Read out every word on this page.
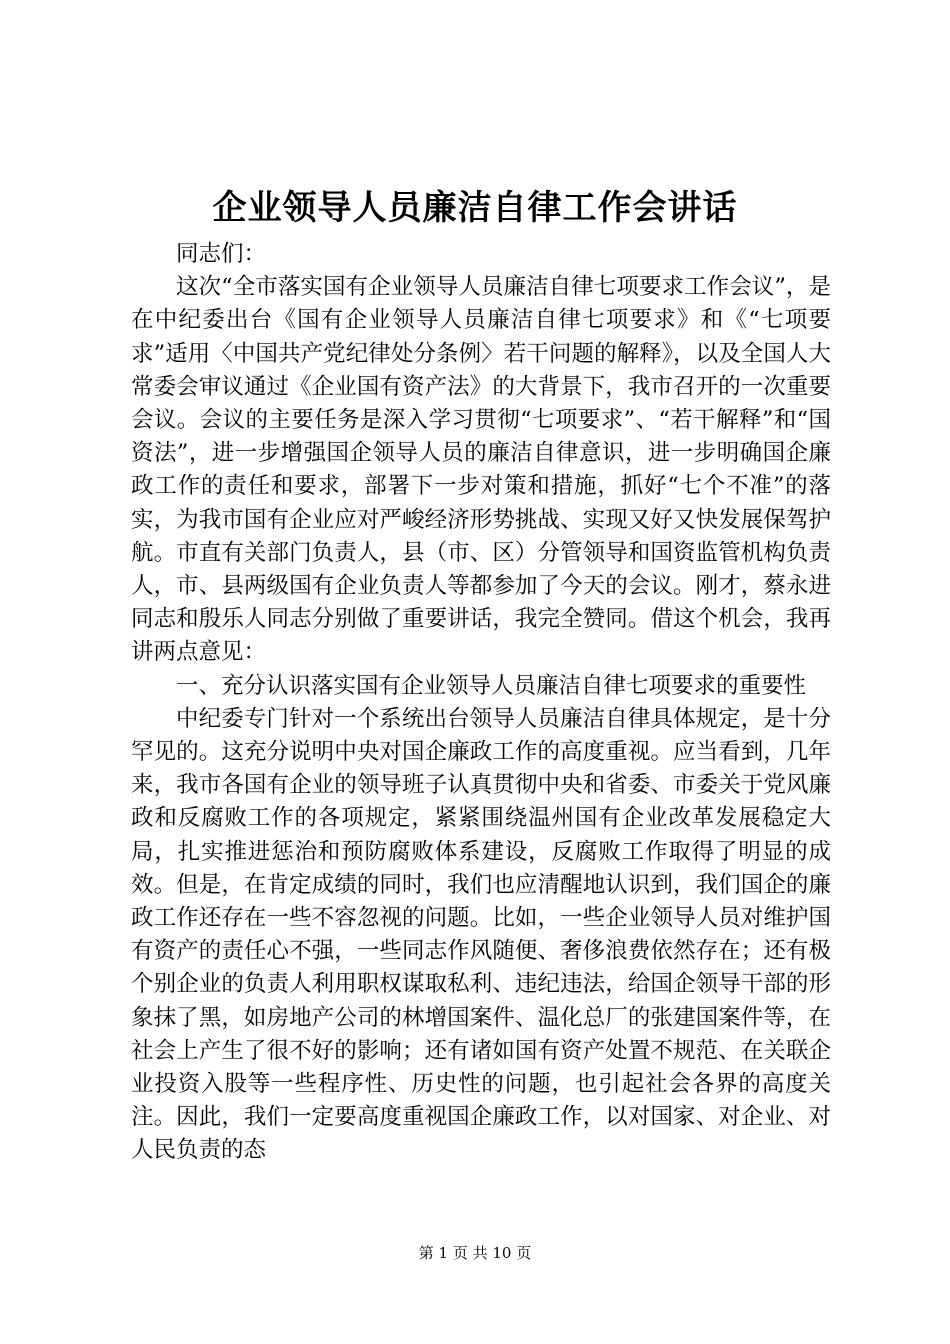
企业领导人员廉洁自律工作会讲话

同志们：

这次“全市落实国有企业领导人员廉洁自律七项要求工作会议”，是在中纪委出台《国有企业领导人员廉洁自律七项要求》和《“七项要求”适用〈中国共产党纪律处分条例〉若干问题的解释》，以及全国人大常委会审议通过《企业国有资产法》的大背景下，我市召开的一次重要会议。会议的主要任务是深入学习贯彻“七项要求”、“若干解释”和“国资法”，进一步增强国企领导人员的廉洁自律意识，进一步明确国企廉政工作的责任和要求，部署下一步对策和措施，抓好“七个不准”的落实，为我市国有企业应对严峻经济形势挑战、实现又好又快发展保驾护航。市直有关部门负责人，县（市、区）分管领导和国资监管机构负责人，市、县两级国有企业负责人等都参加了今天的会议。刚才，蔡永进同志和殷乐人同志分别做了重要讲话，我完全赞同。借这个机会，我再讲两点意见：

一、充分认识落实国有企业领导人员廉洁自律七项要求的重要性

中纪委专门针对一个系统出台领导人员廉洁自律具体规定，是十分罕见的。这充分说明中央对国企廉政工作的高度重视。应当看到，几年来，我市各国有企业的领导班子认真贯彻中央和省委、市委关于党风廉政和反腐败工作的各项规定，紧紧围绕温州国有企业改革发展稳定大局，扎实推进惩治和预防腐败体系建设，反腐败工作取得了明显的成效。但是，在肯定成绩的同时，我们也应清醒地认识到，我们国企的廉政工作还存在一些不容忽视的问题。比如，一些企业领导人员对维护国有资产的责任心不强，一些同志作风随便、奢侈浪费依然存在；还有极个别企业的负责人利用职权谋取私利、违纪违法，给国企领导干部的形象抹了黑，如房地产公司的林增国案件、温化总厂的张建国案件等，在社会上产生了很不好的影响；还有诸如国有资产处置不规范、在关联企业投资入股等一些程序性、历史性的问题，也引起社会各界的高度关注。因此，我们一定要高度重视国企廉政工作，以对国家、对企业、对人民负责的态

第 1 页 共 10 页
